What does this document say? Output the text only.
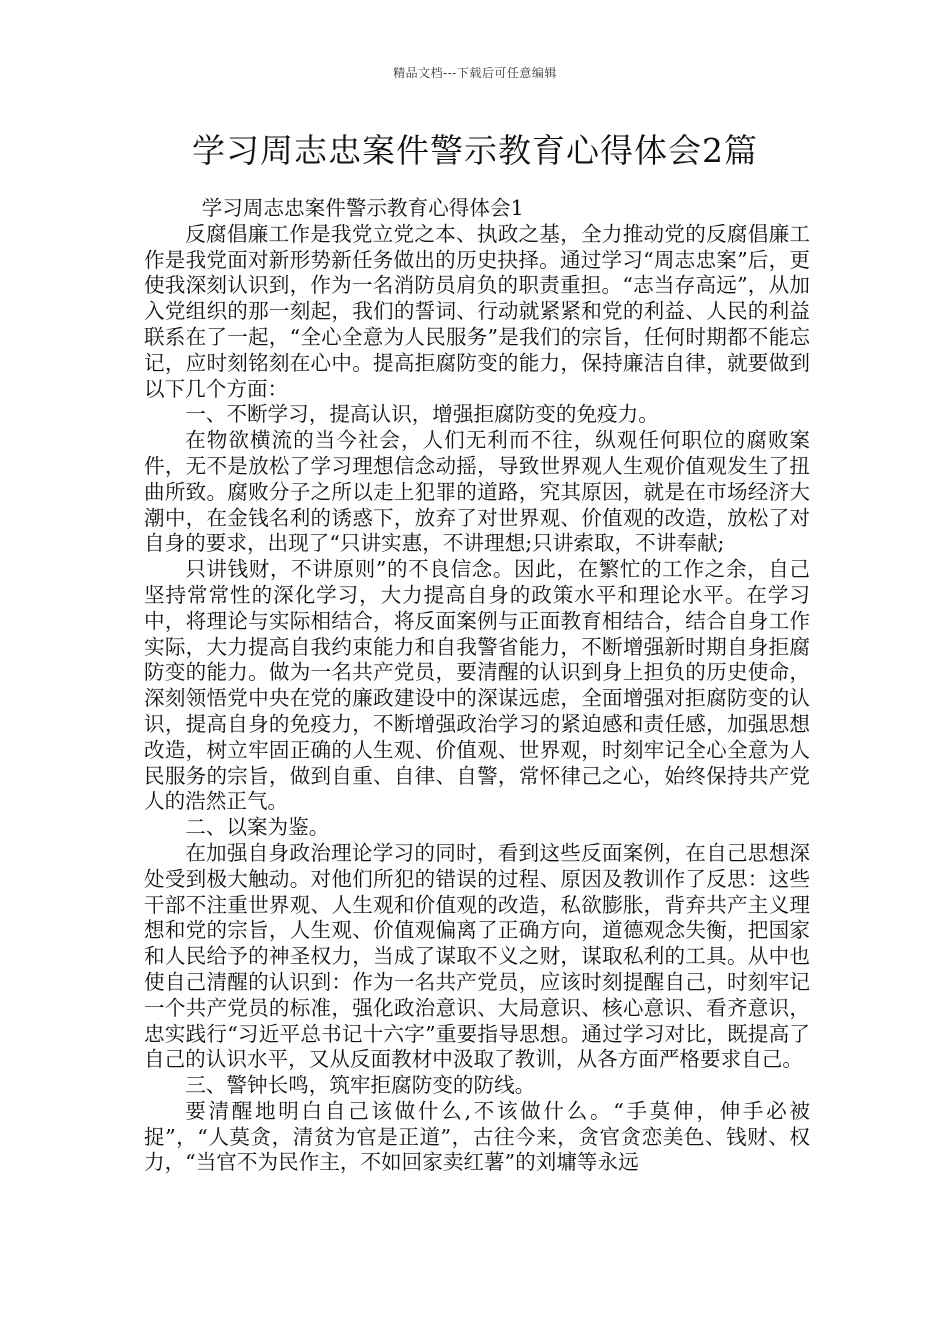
精品文档---下载后可任意编辑
学习周志忠案件警示教育心得体会2篇

学习周志忠案件警示教育心得体会1

反腐倡廉工作是我党立党之本、执政之基，全力推动党的反腐倡廉工作是我党面对新形势新任务做出的历史抉择。通过学习“周志忠案”后，更使我深刻认识到，作为一名消防员肩负的职责重担。“志当存高远”，从加入党组织的那一刻起，我们的誓词、行动就紧紧和党的利益、人民的利益联系在了一起，“全心全意为人民服务”是我们的宗旨，任何时期都不能忘记，应时刻铭刻在心中。提高拒腐防变的能力，保持廉洁自律，就要做到以下几个方面：

一、不断学习，提高认识，增强拒腐防变的免疫力。

在物欲横流的当今社会，人们无利而不往，纵观任何职位的腐败案件，无不是放松了学习理想信念动摇，导致世界观人生观价值观发生了扭曲所致。腐败分子之所以走上犯罪的道路，究其原因，就是在市场经济大潮中，在金钱名利的诱惑下，放弃了对世界观、价值观的改造，放松了对自身的要求，出现了“只讲实惠，不讲理想;只讲索取，不讲奉献;

只讲钱财，不讲原则”的不良信念。因此，在繁忙的工作之余，自己坚持常常性的深化学习，大力提高自身的政策水平和理论水平。在学习中，将理论与实际相结合，将反面案例与正面教育相结合，结合自身工作实际，大力提高自我约束能力和自我警省能力，不断增强新时期自身拒腐防变的能力。做为一名共产党员，要清醒的认识到身上担负的历史使命，深刻领悟党中央在党的廉政建设中的深谋远虑，全面增强对拒腐防变的认识，提高自身的免疫力，不断增强政治学习的紧迫感和责任感，加强思想改造，树立牢固正确的人生观、价值观、世界观，时刻牢记全心全意为人民服务的宗旨，做到自重、自律、自警，常怀律己之心，始终保持共产党人的浩然正气。

二、以案为鉴。

在加强自身政治理论学习的同时，看到这些反面案例，在自己思想深处受到极大触动。对他们所犯的错误的过程、原因及教训作了反思：这些干部不注重世界观、人生观和价值观的改造，私欲膨胀，背弃共产主义理想和党的宗旨，人生观、价值观偏离了正确方向，道德观念失衡，把国家和人民给予的神圣权力，当成了谋取不义之财，谋取私利的工具。从中也使自己清醒的认识到：作为一名共产党员，应该时刻提醒自己，时刻牢记一个共产党员的标准，强化政治意识、大局意识、核心意识、看齐意识，忠实践行“习近平总书记十六字”重要指导思想。通过学习对比，既提高了自己的认识水平，又从反面教材中汲取了教训，从各方面严格要求自己。

三、警钟长鸣，筑牢拒腐防变的防线。

要清醒地明白自己该做什么,不该做什么。“手莫伸，伸手必被捉”，“人莫贪，清贫为官是正道”，古往今来，贪官贪恋美色、钱财、权力，“当官不为民作主，不如回家卖红薯”的刘墉等永远
